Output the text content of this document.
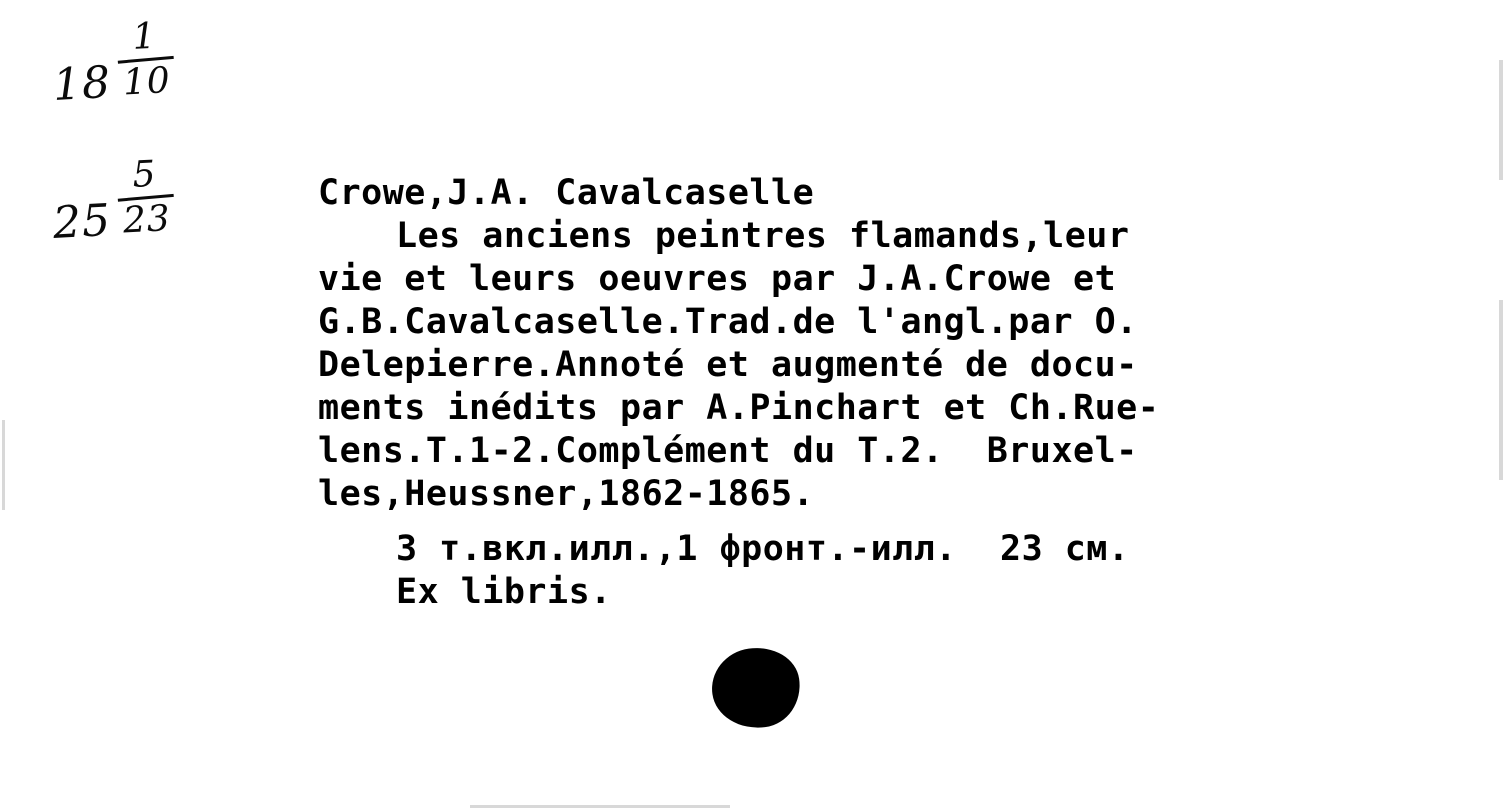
18
1
10
25
5
23
Crowe,J.A. Cavalcaselle
Les anciens peintres flamands,leur
vie et leurs oeuvres par J.A.Crowe et
G.B.Cavalcaselle.Trad.de l'angl.par O.
Delepierre.Annoté et augmenté de docu-
ments inédits par A.Pinchart et Ch.Rue-
lens.T.1-2.Complément du T.2.  Bruxel-
les,Heussner,1862-1865.
3 т.вкл.илл.,1 фронт.-илл.  23 см.
Ex libris.
